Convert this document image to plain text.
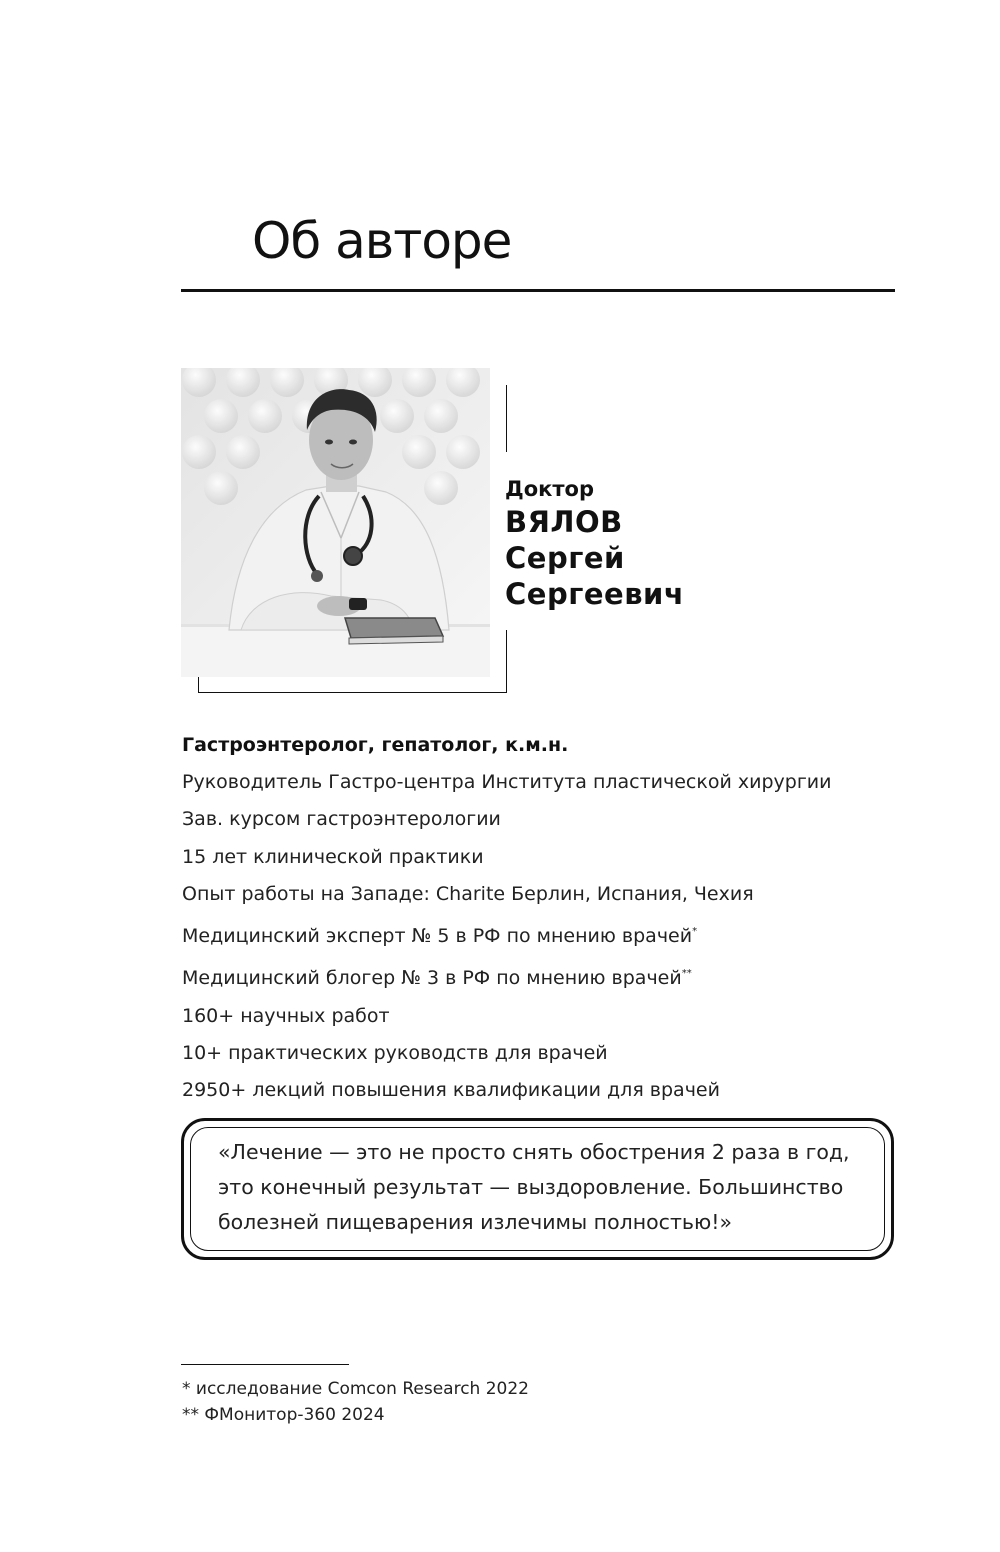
Об авторе
Доктор
ВЯЛОВ
Сергей
Сергеевич
Гастроэнтеролог, гепатолог, к.м.н.
Руководитель Гастро-центра Института пластической хирургии
Зав. курсом гастроэнтерологии
15 лет клинической практики
Опыт работы на Западе: Charite Берлин, Испания, Чехия
Медицинский эксперт № 5 в РФ по мнению врачей*
Медицинский блогер № 3 в РФ по мнению врачей**
160+ научных работ
10+ практических руководств для врачей
2950+ лекций повышения квалификации для врачей
«Лечение — это не просто снять обострения 2 раза в год, это конечный результат — выздоровление. Большинство болезней пищеварения излечимы полностью!»
* исследование Comcon Research 2022
** ФМонитор-360 2024
